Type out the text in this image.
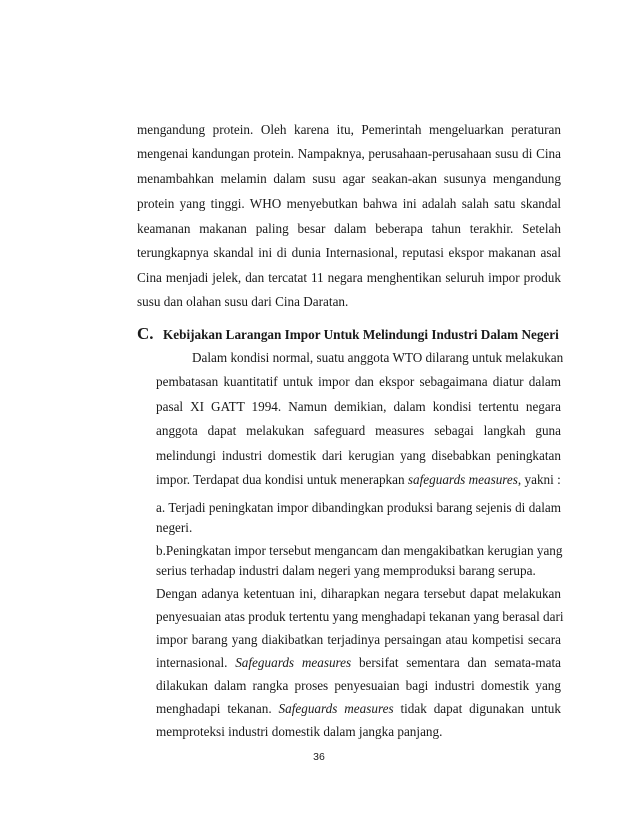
mengandung protein. Oleh karena itu, Pemerintah mengeluarkan peraturan
mengenai kandungan protein. Nampaknya, perusahaan-perusahaan susu di Cina
menambahkan melamin dalam susu agar seakan-akan susunya mengandung
protein yang tinggi. WHO menyebutkan bahwa ini adalah salah satu skandal
keamanan makanan paling besar dalam beberapa tahun terakhir. Setelah
terungkapnya skandal ini di dunia Internasional, reputasi ekspor makanan asal
Cina menjadi jelek, dan tercatat 11 negara menghentikan seluruh impor produk
susu dan olahan susu dari Cina Daratan.
C. Kebijakan Larangan Impor Untuk Melindungi Industri Dalam Negeri
Dalam kondisi normal, suatu anggota WTO dilarang untuk melakukan
pembatasan kuantitatif untuk impor dan ekspor sebagaimana diatur dalam
pasal XI GATT 1994. Namun demikian, dalam kondisi tertentu negara
anggota dapat melakukan safeguard measures sebagai langkah guna
melindungi industri domestik dari kerugian yang disebabkan peningkatan
impor. Terdapat dua kondisi untuk menerapkan safeguards measures, yakni :
a. Terjadi peningkatan impor dibandingkan produksi barang sejenis di dalam
negeri.
b.Peningkatan impor tersebut mengancam dan mengakibatkan kerugian yang
serius terhadap industri dalam negeri yang memproduksi barang serupa.
Dengan adanya ketentuan ini, diharapkan negara tersebut dapat melakukan
penyesuaian atas produk tertentu yang menghadapi tekanan yang berasal dari
impor barang yang diakibatkan terjadinya persaingan atau kompetisi secara
internasional. Safeguards measures bersifat sementara dan semata-mata
dilakukan dalam rangka proses penyesuaian bagi industri domestik yang
menghadapi tekanan. Safeguards measures tidak dapat digunakan untuk
memproteksi industri domestik dalam jangka panjang.
36
